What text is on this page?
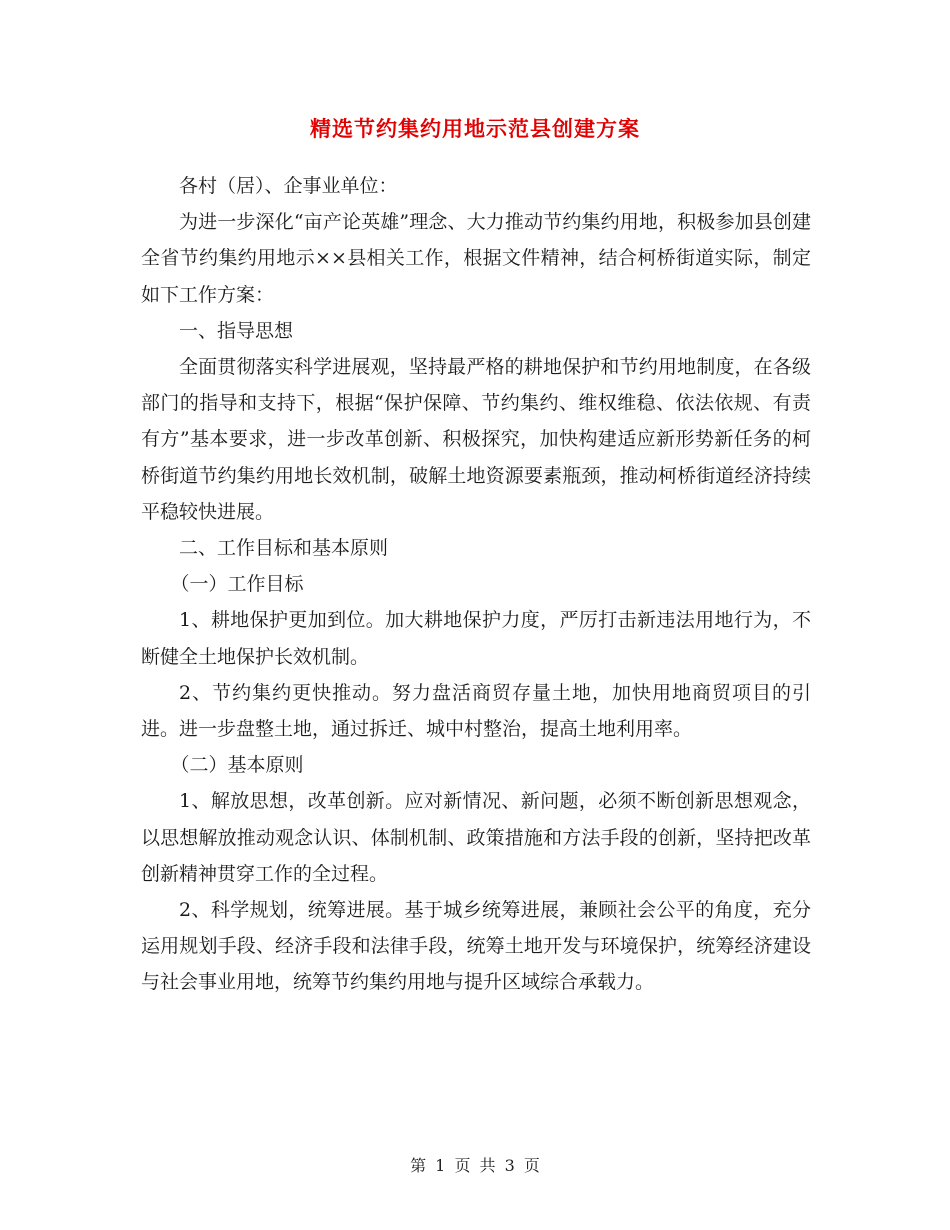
精选节约集约用地示范县创建方案

各村（居）、企事业单位：

为进一步深化“亩产论英雄”理念、大力推动节约集约用地，积极参加县创建全省节约集约用地示××县相关工作，根据文件精神，结合柯桥街道实际，制定如下工作方案：

一、指导思想

全面贯彻落实科学进展观，坚持最严格的耕地保护和节约用地制度，在各级部门的指导和支持下，根据“保护保障、节约集约、维权维稳、依法依规、有责有方”基本要求，进一步改革创新、积极探究，加快构建适应新形势新任务的柯桥街道节约集约用地长效机制，破解土地资源要素瓶颈，推动柯桥街道经济持续平稳较快进展。

二、工作目标和基本原则

（一）工作目标

1、耕地保护更加到位。加大耕地保护力度，严厉打击新违法用地行为，不断健全土地保护长效机制。

2、节约集约更快推动。努力盘活商贸存量土地，加快用地商贸项目的引进。进一步盘整土地，通过拆迁、城中村整治，提高土地利用率。

（二）基本原则

1、解放思想，改革创新。应对新情况、新问题，必须不断创新思想观念，以思想解放推动观念认识、体制机制、政策措施和方法手段的创新，坚持把改革创新精神贯穿工作的全过程。

2、科学规划，统筹进展。基于城乡统筹进展，兼顾社会公平的角度，充分运用规划手段、经济手段和法律手段，统筹土地开发与环境保护，统筹经济建设与社会事业用地，统筹节约集约用地与提升区域综合承载力。

第 1 页 共 3 页
